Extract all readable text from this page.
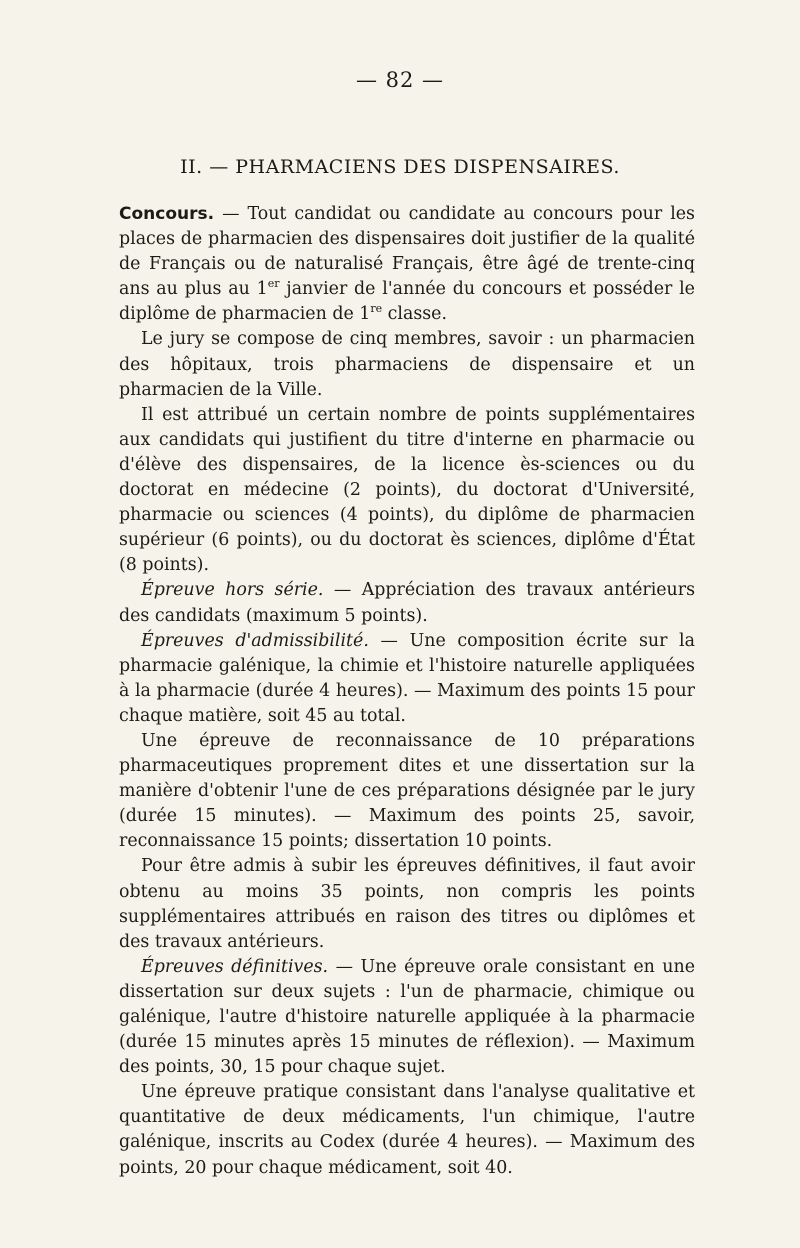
— 82 —
II. — PHARMACIENS DES DISPENSAIRES.

Concours. — Tout candidat ou candidate au concours pour les places de pharmacien des dispensaires doit justifier de la qualité de Français ou de naturalisé Français, être âgé de trente-cinq ans au plus au 1er janvier de l'année du concours et posséder le diplôme de pharmacien de 1re classe.

Le jury se compose de cinq membres, savoir : un pharmacien des hôpitaux, trois pharmaciens de dispensaire et un pharmacien de la Ville.

Il est attribué un certain nombre de points supplémentaires aux candidats qui justifient du titre d'interne en pharmacie ou d'élève des dispensaires, de la licence ès-sciences ou du doctorat en médecine (2 points), du doctorat d'Université, pharmacie ou sciences (4 points), du diplôme de pharmacien supérieur (6 points), ou du doctorat ès sciences, diplôme d'État (8 points).

Épreuve hors série. — Appréciation des travaux antérieurs des candidats (maximum 5 points).

Épreuves d'admissibilité. — Une composition écrite sur la pharmacie galénique, la chimie et l'histoire naturelle appliquées à la pharmacie (durée 4 heures). — Maximum des points 15 pour chaque matière, soit 45 au total.

Une épreuve de reconnaissance de 10 préparations pharmaceutiques proprement dites et une dissertation sur la manière d'obtenir l'une de ces préparations désignée par le jury (durée 15 minutes). — Maximum des points 25, savoir, reconnaissance 15 points; dissertation 10 points.

Pour être admis à subir les épreuves définitives, il faut avoir obtenu au moins 35 points, non compris les points supplémentaires attribués en raison des titres ou diplômes et des travaux antérieurs.

Épreuves définitives. — Une épreuve orale consistant en une dissertation sur deux sujets : l'un de pharmacie, chimique ou galénique, l'autre d'histoire naturelle appliquée à la pharmacie (durée 15 minutes après 15 minutes de réflexion). — Maximum des points, 30, 15 pour chaque sujet.

Une épreuve pratique consistant dans l'analyse qualitative et quantitative de deux médicaments, l'un chimique, l'autre galénique, inscrits au Codex (durée 4 heures). — Maximum des points, 20 pour chaque médicament, soit 40.
